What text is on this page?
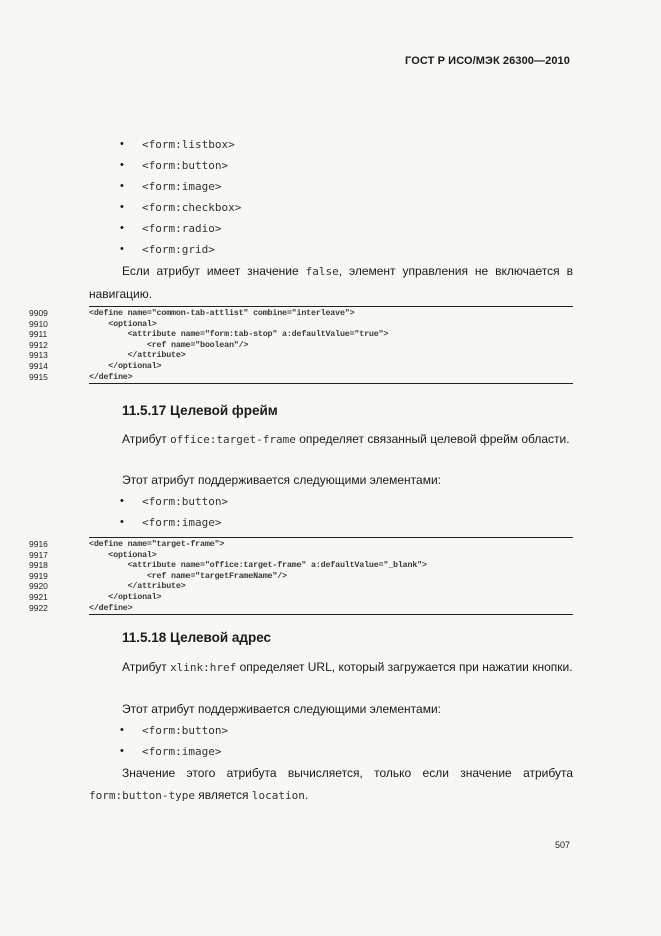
ГОСТ Р ИСО/МЭК 26300—2010
• <form:listbox>
• <form:button>
• <form:image>
• <form:checkbox>
• <form:radio>
• <form:grid>

Если атрибут имеет значение false, элемент управления не включается в навигацию.

9909	<define name="common-tab-attlist" combine="interleave">
9910	<optional>
9911	<attribute name="form:tab-stop" a:defaultValue="true">
9912	<ref name="boolean"/>
9913	</attribute>
9914	</optional>
9915	</define>
11.5.17 Целевой фрейм

Атрибут office:target-frame определяет связанный целевой фрейм области.

Этот атрибут поддерживается следующими элементами:

• <form:button>
• <form:image>
9916	<define name="target-frame">
9917	<optional>
9918	<attribute name="office:target-frame" a:defaultValue="_blank">
9919	<ref name="targetFrameName"/>
9920	</attribute>
9921	</optional>
9922	</define>
11.5.18 Целевой адрес

Атрибут xlink:href определяет URL, который загружается при нажатии кнопки.

Этот атрибут поддерживается следующими элементами:

• <form:button>
• <form:image>

Значение этого атрибута вычисляется, только если значение атрибута form:button-type является location.

507
